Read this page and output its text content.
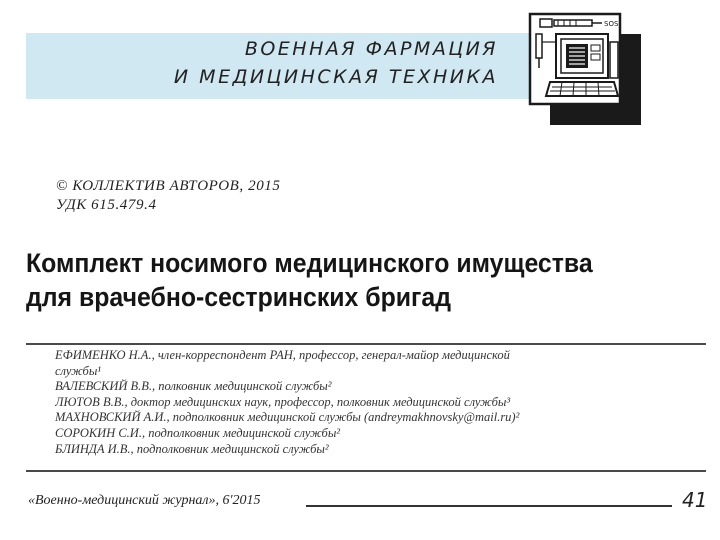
ВОЕННАЯ ФАРМАЦИЯ
И МЕДИЦИНСКАЯ ТЕХНИКА
SOS
© КОЛЛЕКТИВ АВТОРОВ, 2015
УДК 615.479.4
Комплект носимого медицинского имущества
для врачебно-сестринских бригад
ЕФИМЕНКО Н.А., член-корреспондент РАН, профессор, генерал-майор медицинской
службы¹
ВАЛЕВСКИЙ В.В., полковник медицинской службы²
ЛЮТОВ В.В., доктор медицинских наук, профессор, полковник медицинской службы³
МАХНОВСКИЙ А.И., подполковник медицинской службы (andreymakhnovsky@mail.ru)²
СОРОКИН С.И., подполковник медицинской службы²
БЛИНДА И.В., подполковник медицинской службы²
«Военно-медицинский журнал», 6'2015	41
